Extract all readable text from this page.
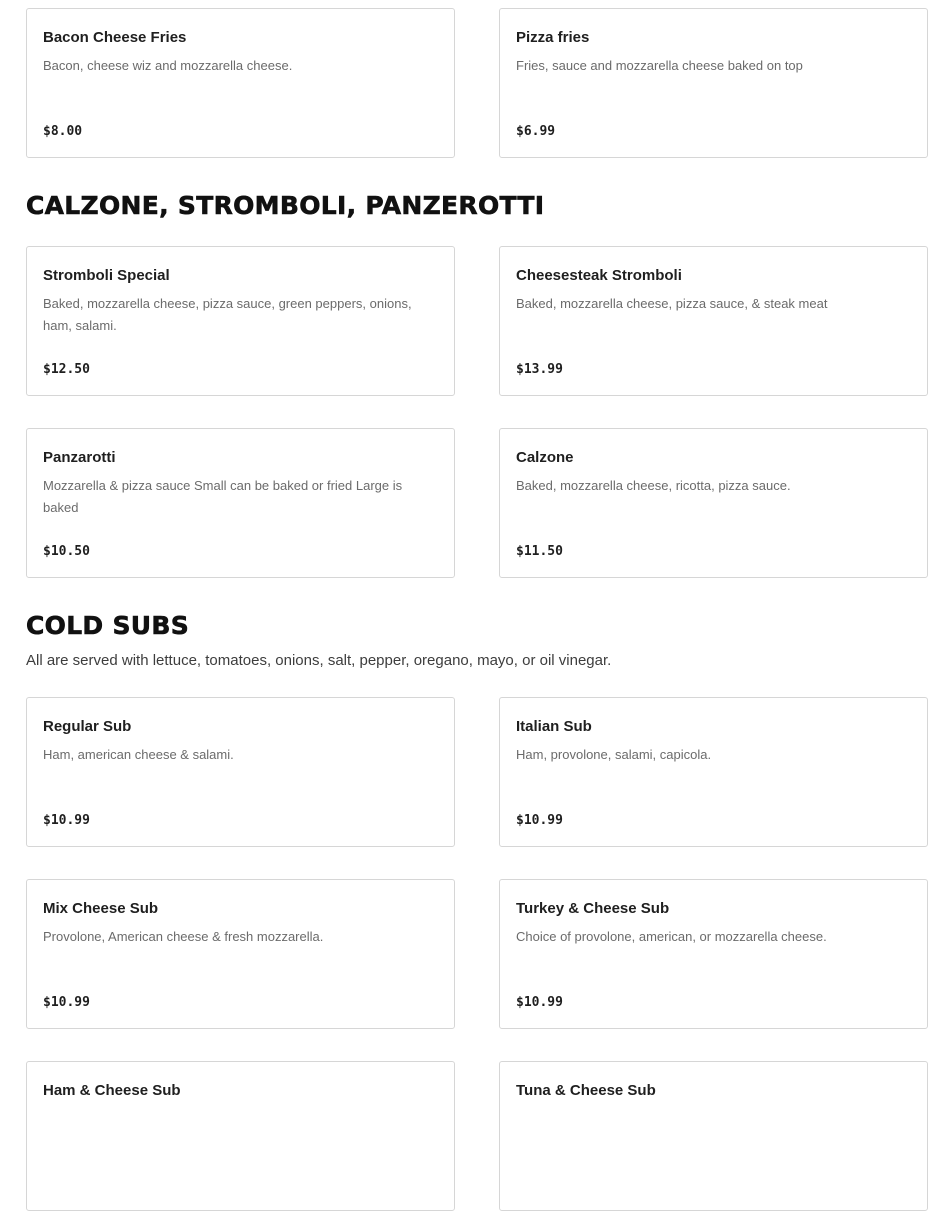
Bacon Cheese Fries
Bacon, cheese wiz and mozzarella cheese.
$8.00
Pizza fries
Fries, sauce and mozzarella cheese baked on top
$6.99
CALZONE, STROMBOLI, PANZEROTTI
Stromboli Special
Baked, mozzarella cheese, pizza sauce, green peppers, onions, ham, salami.
$12.50
Cheesesteak Stromboli
Baked, mozzarella cheese, pizza sauce, & steak meat
$13.99
Panzarotti
Mozzarella & pizza sauce Small can be baked or fried Large is baked
$10.50
Calzone
Baked, mozzarella cheese, ricotta, pizza sauce.
$11.50
COLD SUBS

All are served with lettuce, tomatoes, onions, salt, pepper, oregano, mayo, or oil vinegar.

Regular Sub
Ham, american cheese & salami.
$10.99
Italian Sub
Ham, provolone, salami, capicola.
$10.99
Mix Cheese Sub
Provolone, American cheese & fresh mozzarella.
$10.99
Turkey & Cheese Sub
Choice of provolone, american, or mozzarella cheese.
$10.99
Ham & Cheese Sub	Tuna & Cheese Sub
